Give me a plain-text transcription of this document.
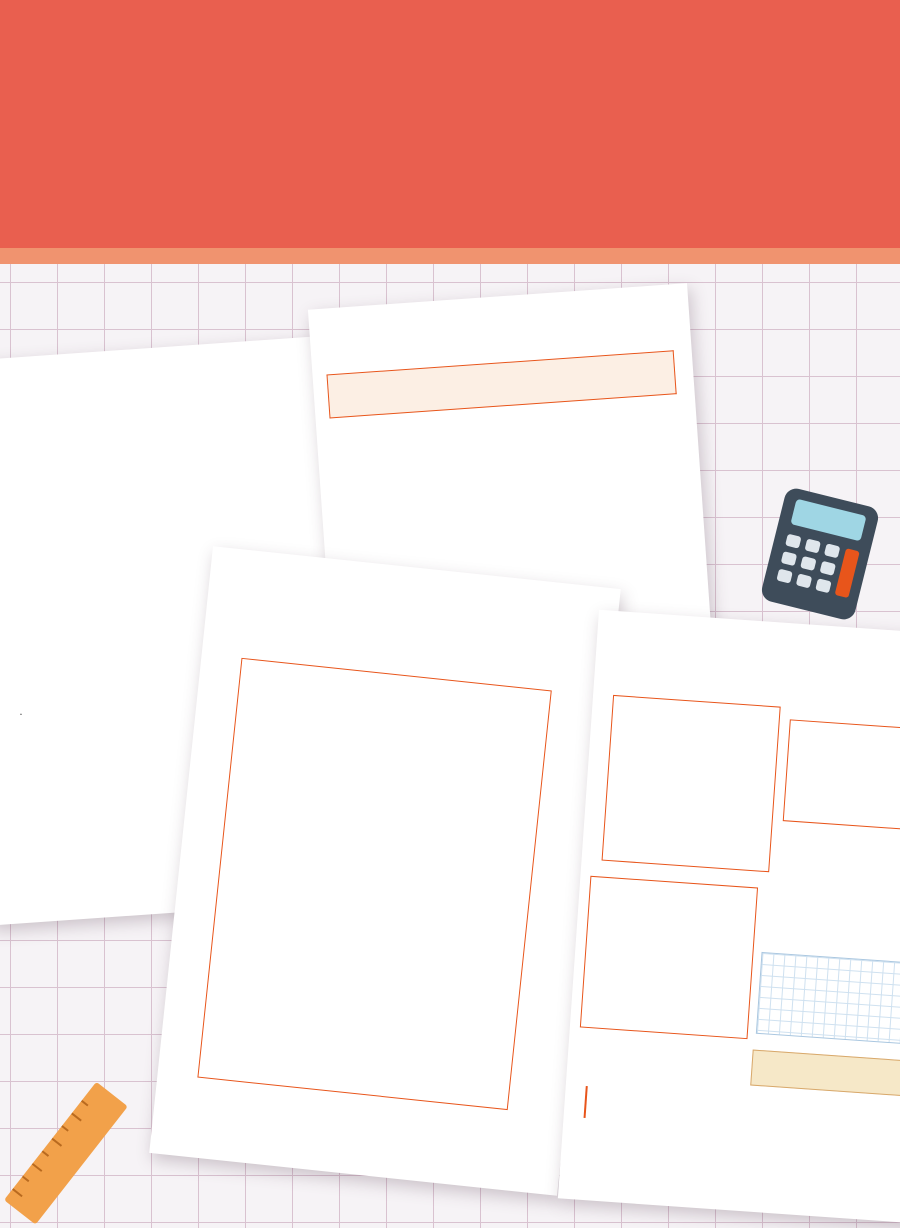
.
